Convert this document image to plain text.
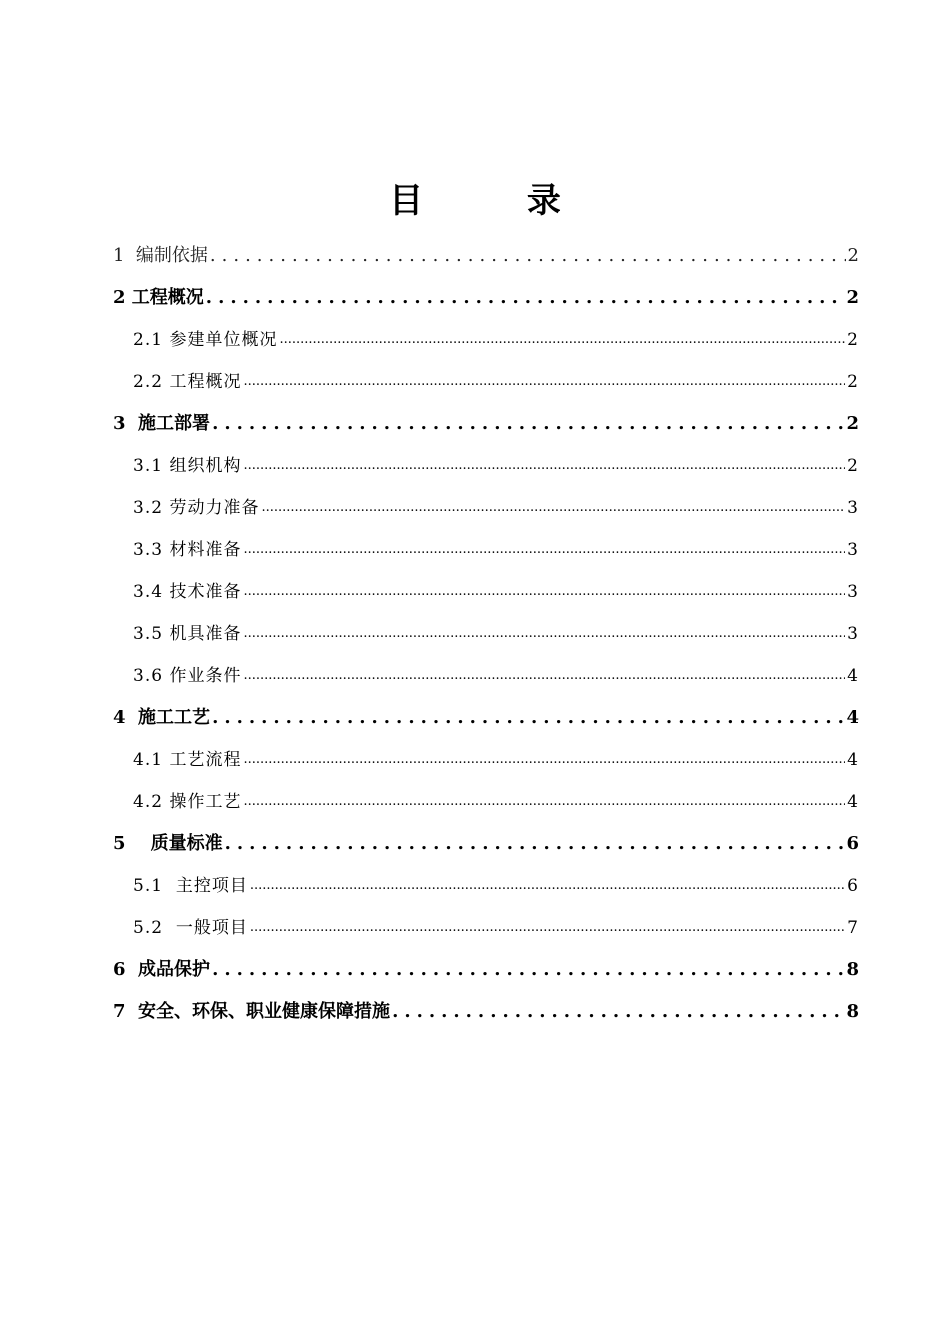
目 录
1  编制依据 .....	2
2 工程概况 .....	2
2.1 参建单位概况 .....	2
2.2 工程概况 .....	2
3  施工部署 .....	2
3.1 组织机构 .....	2
3.2 劳动力准备 .....	3
3.3 材料准备 .....	3
3.4 技术准备 .....	3
3.5 机具准备 .....	3
3.6 作业条件 .....	4
4  施工工艺 .....	4
4.1 工艺流程 .....	4
4.2 操作工艺 .....	4
5    质量标准 .....	6
5.1  主控项目 .....	6
5.2  一般项目 .....	7
6  成品保护 .....	8
7  安全、环保、职业健康保障措施 .....	8
